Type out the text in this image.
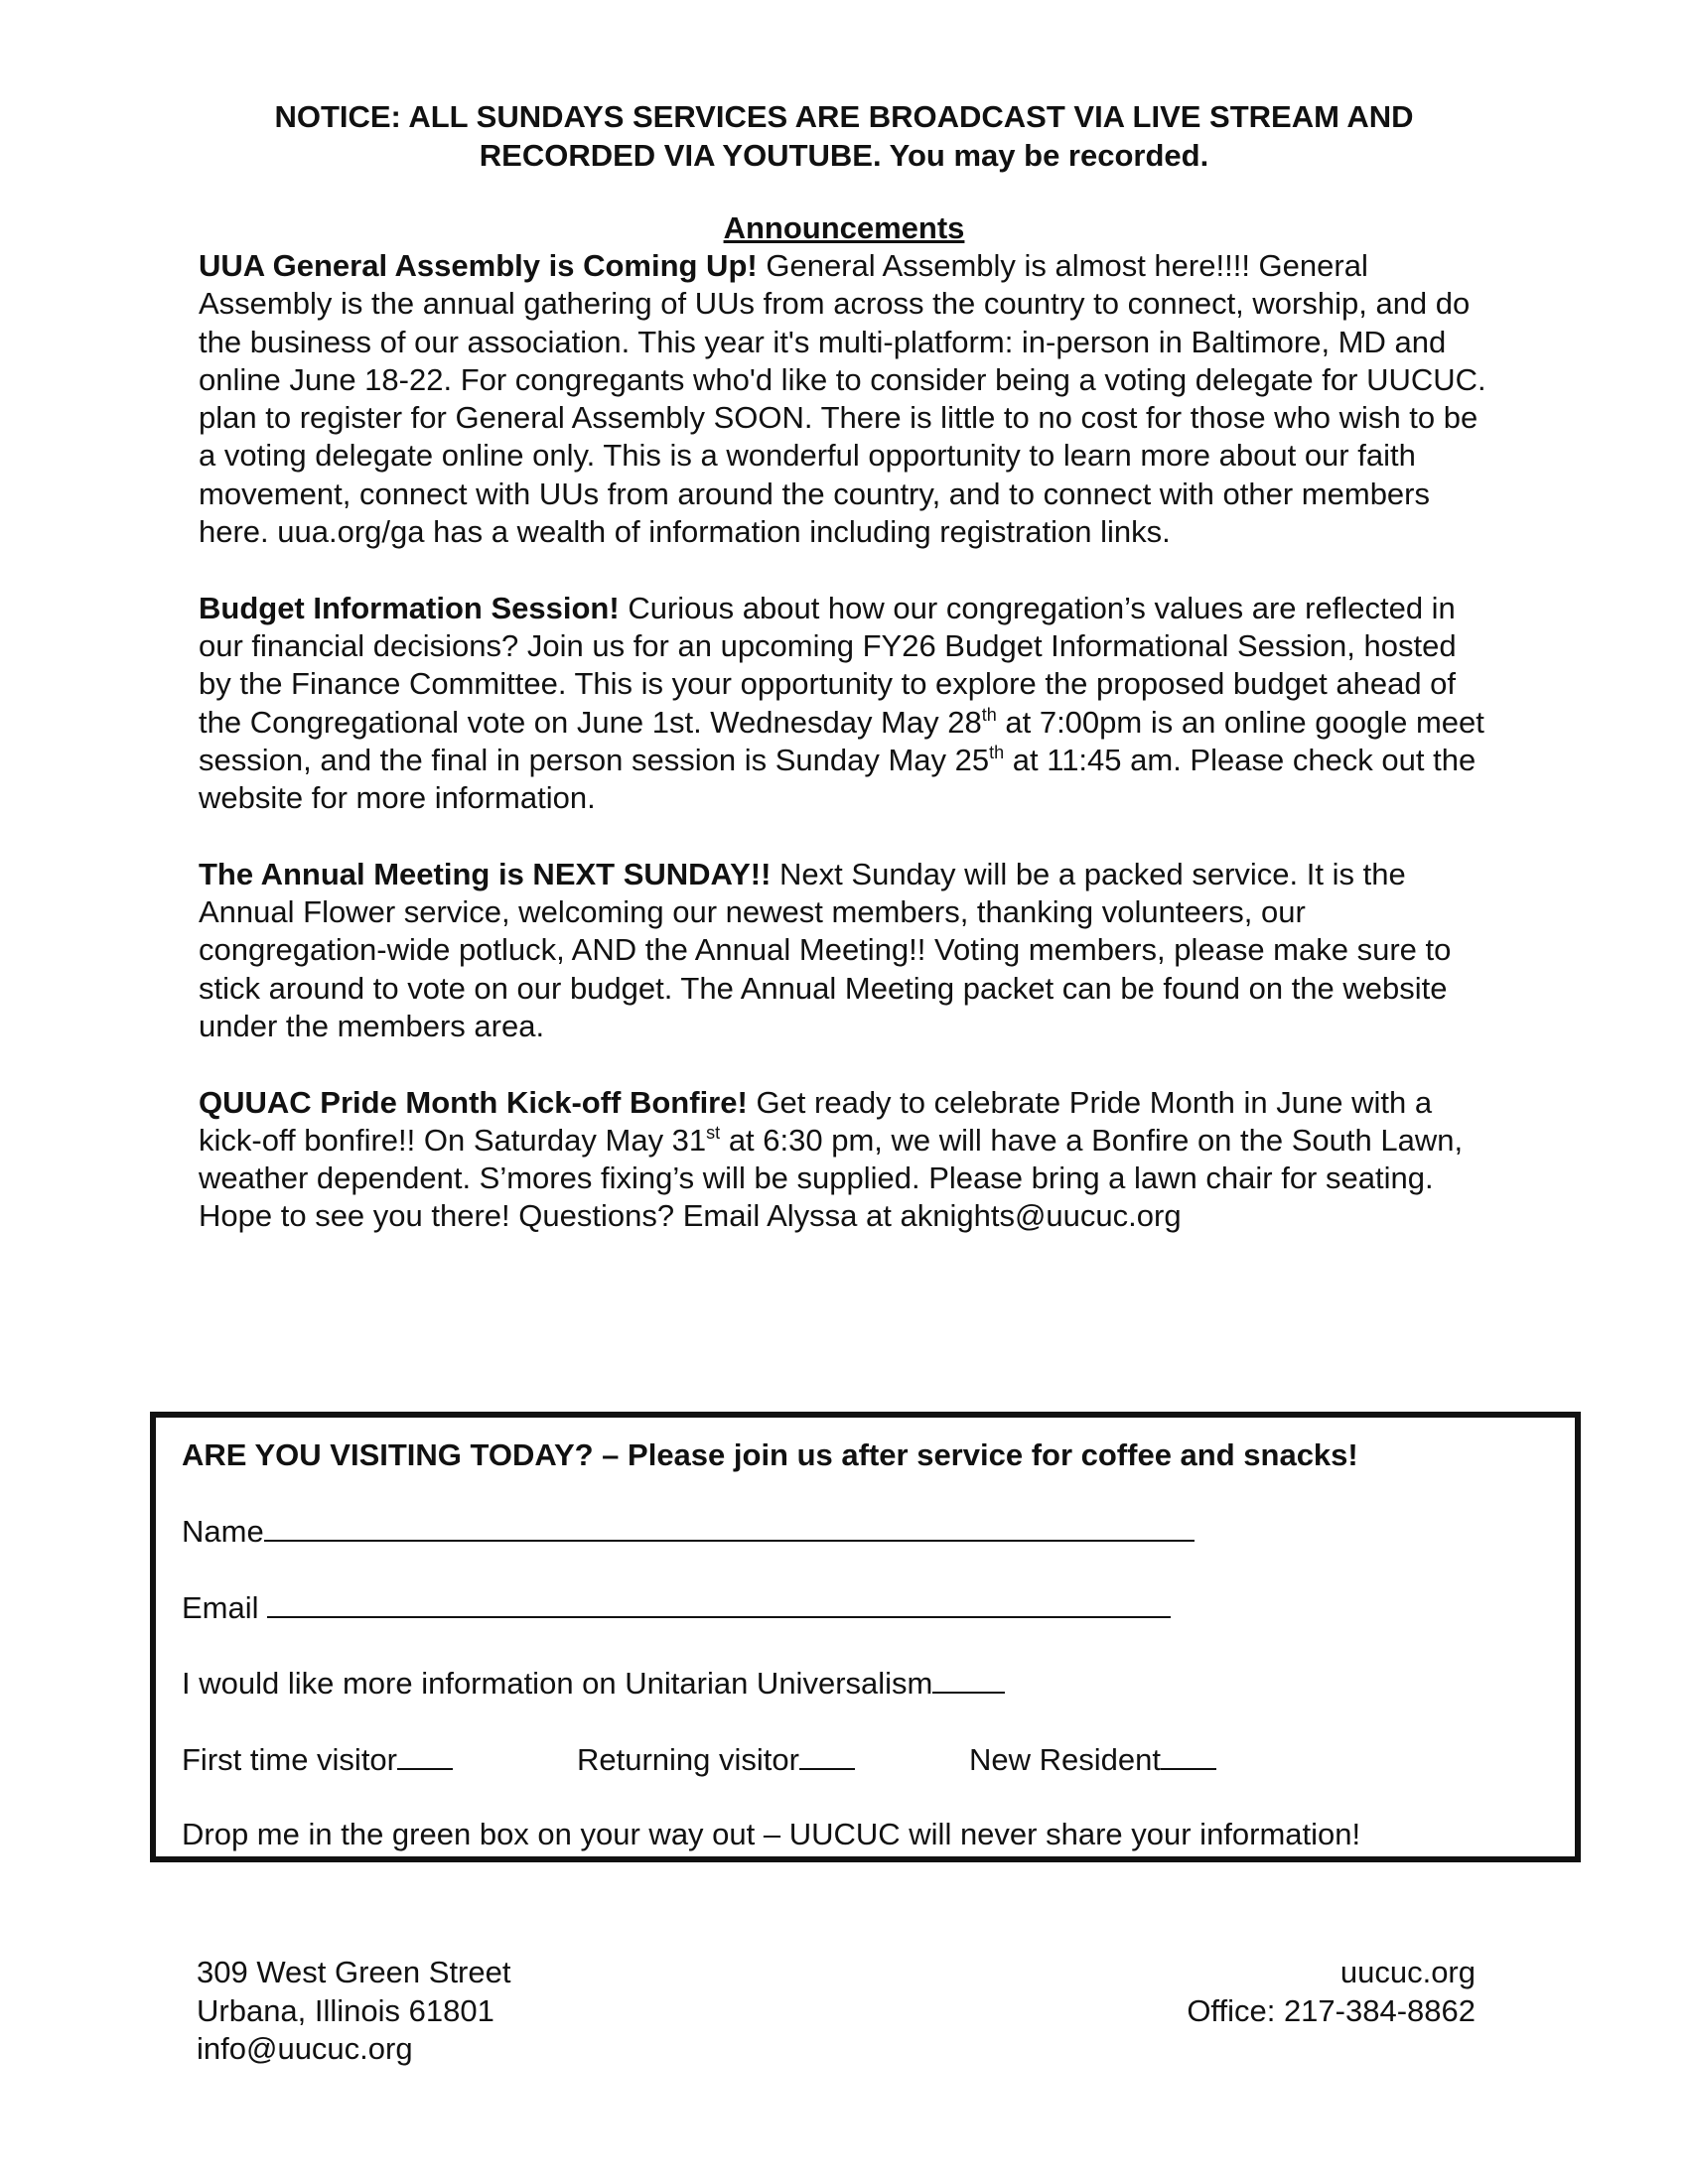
NOTICE: ALL SUNDAYS SERVICES ARE BROADCAST VIA LIVE STREAM AND
RECORDED VIA YOUTUBE. You may be recorded.
Announcements

UUA General Assembly is Coming Up! General Assembly is almost here!!!! General Assembly is the annual gathering of UUs from across the country to connect, worship, and do the business of our association. This year it's multi-platform: in-person in Baltimore, MD and online June 18-22. For congregants who'd like to consider being a voting delegate for UUCUC. plan to register for General Assembly SOON. There is little to no cost for those who wish to be a voting delegate online only. This is a wonderful opportunity to learn more about our faith movement, connect with UUs from around the country, and to connect with other members here. uua.org/ga has a wealth of information including registration links.

Budget Information Session! Curious about how our congregation’s values are reflected in our financial decisions? Join us for an upcoming FY26 Budget Informational Session, hosted by the Finance Committee. This is your opportunity to explore the proposed budget ahead of the Congregational vote on June 1st. Wednesday May 28th at 7:00pm is an online google meet session, and the final in person session is Sunday May 25th at 11:45 am. Please check out the website for more information.

The Annual Meeting is NEXT SUNDAY!! Next Sunday will be a packed service. It is the Annual Flower service, welcoming our newest members, thanking volunteers, our congregation-wide potluck, AND the Annual Meeting!! Voting members, please make sure to stick around to vote on our budget. The Annual Meeting packet can be found on the website under the members area.

QUUAC Pride Month Kick-off Bonfire! Get ready to celebrate Pride Month in June with a kick-off bonfire!! On Saturday May 31st at 6:30 pm, we will have a Bonfire on the South Lawn, weather dependent. S’mores fixing’s will be supplied. Please bring a lawn chair for seating. Hope to see you there! Questions? Email Alyssa at aknights@uucuc.org

ARE YOU VISITING TODAY? – Please join us after service for coffee and snacks!
Name
Email
I would like more information on Unitarian Universalism
First time visitor	Returning visitor	New Resident
Drop me in the green box on your way out – UUCUC will never share your information!
309 West Green Street
Urbana, Illinois 61801
info@uucuc.org
uucuc.org
Office: 217-384-8862
